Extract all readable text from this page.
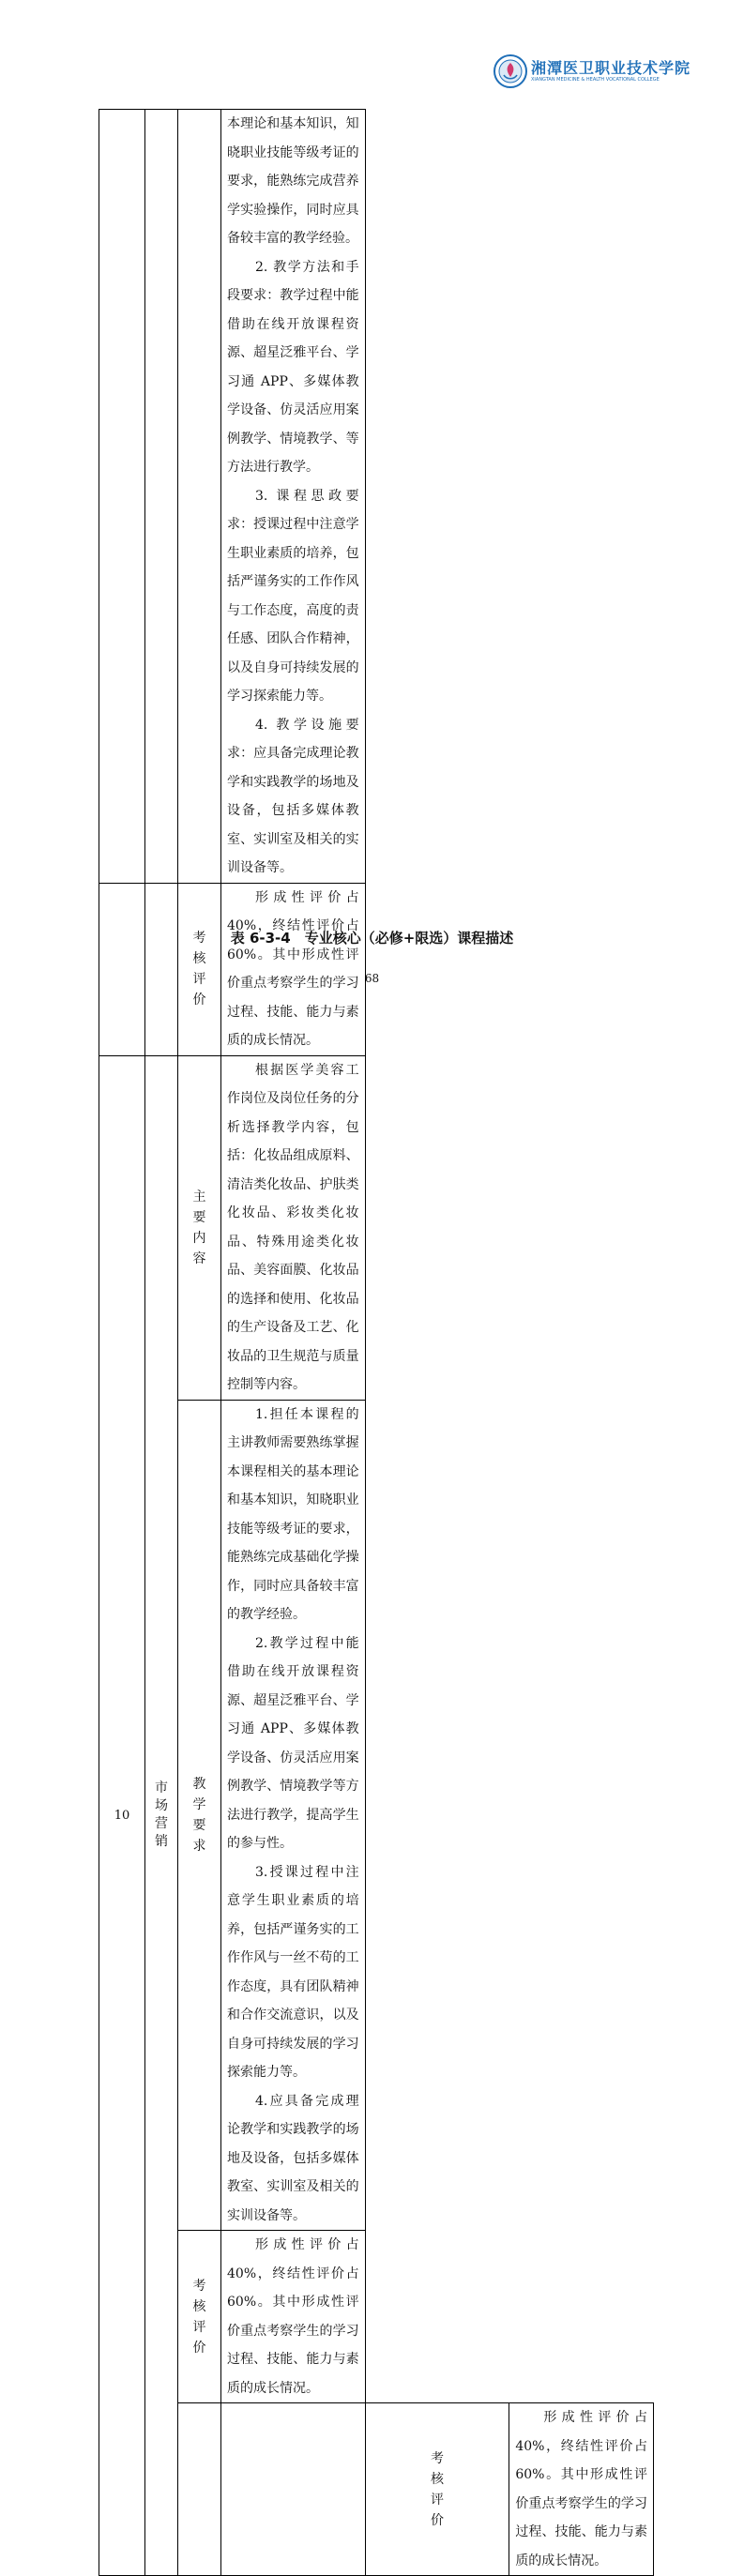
湘潭医卫职业技术学院
XIANGTAN MEDICINE & HEALTH VOCATIONAL COLLEGE

			本理论和基本知识，知晓职业技能等级考证的要求，能熟练完成营养学实验操作，同时应具备较丰富的教学经验。

2. 教学方法和手段要求：教学过程中能借助在线开放课程资源、超星泛雅平台、学习通 APP、多媒体教学设备、仿灵活应用案例教学、情境教学、等方法进行教学。

3. 课程思政要求：授课过程中注意学生职业素质的培养，包括严谨务实的工作作风与工作态度，高度的责任感、团队合作精神，以及自身可持续发展的学习探索能力等。

4. 教学设施要求：应具备完成理论教学和实践教学的场地及设备，包括多媒体教室、实训室及相关的实训设备等。		

		考核评价	形成性评价占 40%，终结性评价占 60%。其中形成性评价重点考察学生的学习过程、技能、能力与素质的成长情况。		

10	市场营销	主要内容	根据医学美容工作岗位及岗位任务的分析选择教学内容，包括：化妆品组成原料、清洁类化妆品、护肤类化妆品、彩妆类化妆品、特殊用途类化妆品、美容面膜、化妆品的选择和使用、化妆品的生产设备及工艺、化妆品的卫生规范与质量控制等内容。		

		教学要求	1.担任本课程的主讲教师需要熟练掌握本课程相关的基本理论和基本知识，知晓职业技能等级考证的要求，能熟练完成基础化学操作，同时应具备较丰富的教学经验。

2.教学过程中能借助在线开放课程资源、超星泛雅平台、学习通 APP、多媒体教学设备、仿灵活应用案例教学、情境教学等方法进行教学，提高学生的参与性。

3.授课过程中注意学生职业素质的培养，包括严谨务实的工作作风与一丝不苟的工作态度，具有团队精神和合作交流意识，以及自身可持续发展的学习探索能力等。

4.应具备完成理论教学和实践教学的场地及设备，包括多媒体教室、实训室及相关的实训设备等。		

		考核评价	形成性评价占 40%，终结性评价占 60%。其中形成性评价重点考察学生的学习过程、技能、能力与素质的成长情况。		

				考核评价	形成性评价占 40%，终结性评价占 60%。其中形成性评价重点考察学生的学习过程、技能、能力与素质的成长情况。

表 6-3-4　专业核心（必修+限选）课程描述
68
